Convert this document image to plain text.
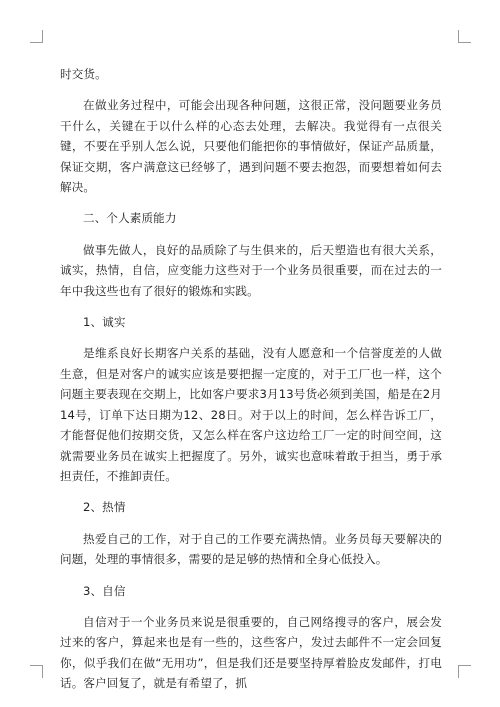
时交货。

在做业务过程中，可能会出现各种问题，这很正常，没问题要业务员干什么，关键在于以什么样的心态去处理，去解决。我觉得有一点很关键，不要在乎别人怎么说，只要他们能把你的事情做好，保证产品质量，保证交期，客户满意这已经够了，遇到问题不要去抱怨，而要想着如何去解决。

二、个人素质能力

做事先做人，良好的品质除了与生俱来的，后天塑造也有很大关系，诚实，热情，自信，应变能力这些对于一个业务员很重要，而在过去的一年中我这些也有了很好的锻炼和实践。

1、诚实

是维系良好长期客户关系的基础，没有人愿意和一个信誉度差的人做生意，但是对客户的诚实应该是要把握一定度的，对于工厂也一样，这个问题主要表现在交期上，比如客户要求3月13号货必须到美国，船是在2月14号，订单下达日期为12、28日。对于以上的时间，怎么样告诉工厂，才能督促他们按期交货，又怎么样在客户这边给工厂一定的时间空间，这就需要业务员在诚实上把握度了。另外，诚实也意味着敢于担当，勇于承担责任，不推卸责任。

2、热情

热爱自己的工作，对于自己的工作要充满热情。业务员每天要解决的问题，处理的事情很多，需要的是足够的热情和全身心低投入。

3、自信

自信对于一个业务员来说是很重要的，自己网络搜寻的客户，展会发过来的客户，算起来也是有一些的，这些客户，发过去邮件不一定会回复你，似乎我们在做“无用功”，但是我们还是要坚持厚着脸皮发邮件，打电话。客户回复了，就是有希望了，抓
